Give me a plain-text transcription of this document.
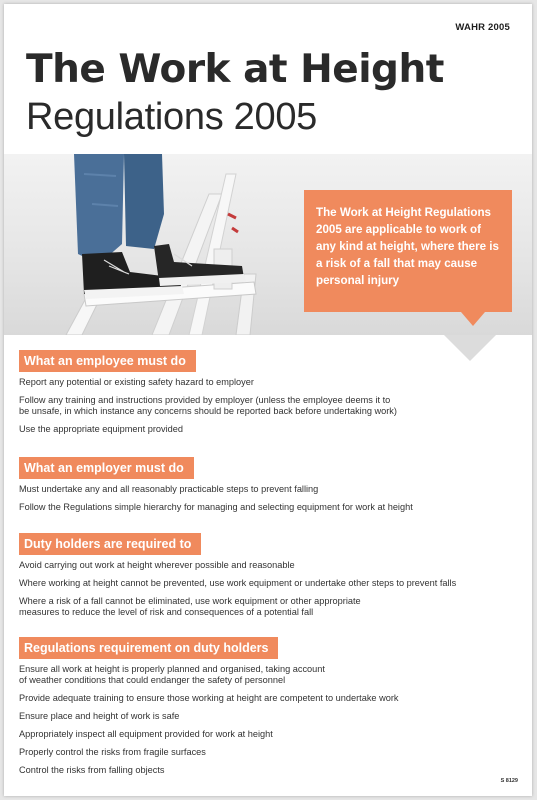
WAHR 2005
The Work at Height
Regulations 2005
The Work at Height Regulations 2005 are applicable to work of any kind at height, where there is a risk of a fall that may cause personal injury
What an employee must do
Report any potential or existing safety hazard to employer
Follow any training and instructions provided by employer (unless the employee deems it to
be unsafe, in which instance any concerns should be reported back before undertaking work)
Use the appropriate equipment provided
What an employer must do
Must undertake any and all reasonably practicable steps to prevent falling
Follow the Regulations simple hierarchy for managing and selecting equipment for work at height
Duty holders are required to
Avoid carrying out work at height wherever possible and reasonable
Where working at height cannot be prevented, use work equipment or undertake other steps to prevent falls
Where a risk of a fall cannot be eliminated, use work equipment or other appropriate
measures to reduce the level of risk and consequences of a potential fall
Regulations requirement on duty holders
Ensure all work at height is properly planned and organised, taking account
of weather conditions that could endanger the safety of personnel
Provide adequate training to ensure those working at height are competent to undertake work
Ensure place and height of work is safe
Appropriately inspect all equipment provided for work at height
Properly control the risks from fragile surfaces
Control the risks from falling objects
S 8129
